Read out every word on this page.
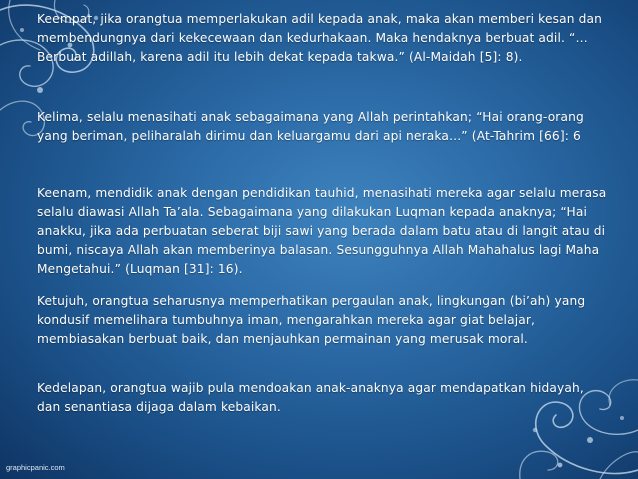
Keempat, jika orangtua memperlakukan adil kepada anak, maka akan memberi kesan dan membendungnya dari kekecewaan dan kedurhakaan. Maka hendaknya berbuat adil. “…Berbuat adillah, karena adil itu lebih dekat kepada takwa.” (Al-Maidah [5]: 8).

Kelima, selalu menasihati anak sebagaimana yang Allah perintahkan; “Hai orang-orang yang beriman, peliharalah dirimu dan keluargamu dari api neraka…” (At-Tahrim [66]: 6

Keenam, mendidik anak dengan pendidikan tauhid, menasihati mereka agar selalu merasa selalu diawasi Allah Ta’ala. Sebagaimana yang dilakukan Luqman kepada anaknya; “Hai anakku, jika ada perbuatan seberat biji sawi yang berada dalam batu atau di langit atau di bumi, niscaya Allah akan memberinya balasan. Sesungguhnya Allah Mahahalus lagi Maha Mengetahui.” (Luqman [31]: 16).

Ketujuh, orangtua seharusnya memperhatikan pergaulan anak, lingkungan (bi’ah) yang kondusif memelihara tumbuhnya iman, mengarahkan mereka agar giat belajar, membiasakan berbuat baik, dan menjauhkan permainan yang merusak moral.

Kedelapan, orangtua wajib pula mendoakan anak-anaknya agar mendapatkan hidayah, dan senantiasa dijaga dalam kebaikan.

graphicpanic.com
